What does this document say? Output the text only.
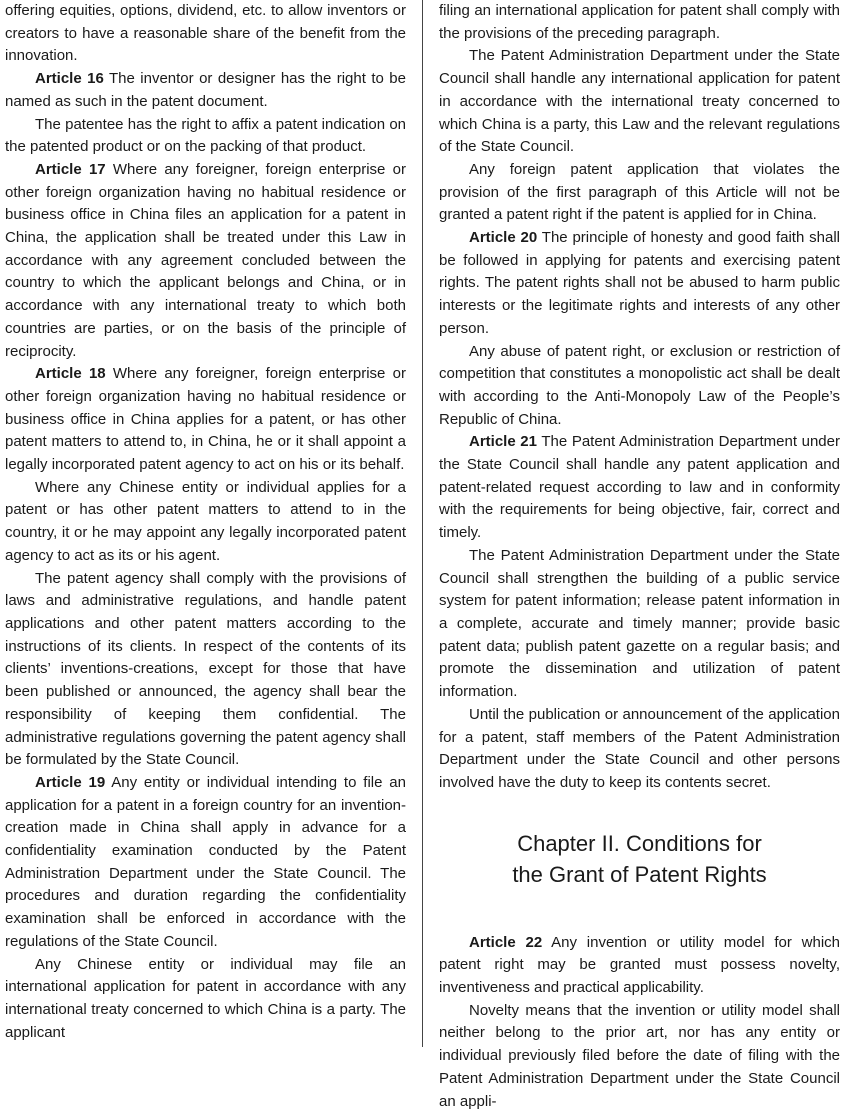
offering equities, options, dividend, etc. to allow inventors or creators to have a reasonable share of the benefit from the innovation.

Article 16 The inventor or designer has the right to be named as such in the patent document.

The patentee has the right to affix a patent indication on the patented product or on the packing of that product.

Article 17 Where any foreigner, foreign enterprise or other foreign organization having no habitual residence or business office in China files an application for a patent in China, the application shall be treated under this Law in accordance with any agreement concluded between the country to which the applicant belongs and China, or in accordance with any international treaty to which both countries are parties, or on the basis of the principle of reciprocity.

Article 18 Where any foreigner, foreign enterprise or other foreign organization having no habitual residence or business office in China applies for a patent, or has other patent matters to attend to, in China, he or it shall appoint a legally incorporated patent agency to act on his or its behalf.

Where any Chinese entity or individual applies for a patent or has other patent matters to attend to in the country, it or he may appoint any legally incorporated patent agency to act as its or his agent.

The patent agency shall comply with the provisions of laws and administrative regulations, and handle patent applications and other patent matters according to the instructions of its clients. In respect of the contents of its clients’ inventions-creations, except for those that have been published or announced, the agency shall bear the responsibility of keeping them confidential. The administrative regulations governing the patent agency shall be formulated by the State Council.

Article 19 Any entity or individual intending to file an application for a patent in a foreign country for an invention-creation made in China shall apply in advance for a confidentiality examination conducted by the Patent Administration Department under the State Council. The procedures and duration regarding the confidentiality examination shall be enforced in accordance with the regulations of the State Council.

Any Chinese entity or individual may file an international application for patent in accordance with any international treaty concerned to which China is a party. The applicant

filing an international application for patent shall comply with the provisions of the preceding paragraph.

The Patent Administration Department under the State Council shall handle any international application for patent in accordance with the international treaty concerned to which China is a party, this Law and the relevant regulations of the State Council.

Any foreign patent application that violates the provision of the first paragraph of this Article will not be granted a patent right if the patent is applied for in China.

Article 20 The principle of honesty and good faith shall be followed in applying for patents and exercising patent rights. The patent rights shall not be abused to harm public interests or the legitimate rights and interests of any other person.

Any abuse of patent right, or exclusion or restriction of competition that constitutes a monopolistic act shall be dealt with according to the Anti-Monopoly Law of the People’s Republic of China.

Article 21 The Patent Administration Department under the State Council shall handle any patent application and patent-related request according to law and in conformity with the requirements for being objective, fair, correct and timely.

The Patent Administration Department under the State Council shall strengthen the building of a public service system for patent information; release patent information in a complete, accurate and timely manner; provide basic patent data; publish patent gazette on a regular basis; and promote the dissemination and utilization of patent information.

Until the publication or announcement of the application for a patent, staff members of the Patent Administration Department under the State Council and other persons involved have the duty to keep its contents secret.

Chapter II. Conditions for
the Grant of Patent Rights

Article 22 Any invention or utility model for which patent right may be granted must possess novelty, inventiveness and practical applicability.

Novelty means that the invention or utility model shall neither belong to the prior art, nor has any entity or individual previously filed before the date of filing with the Patent Administration Department under the State Council an appli-
